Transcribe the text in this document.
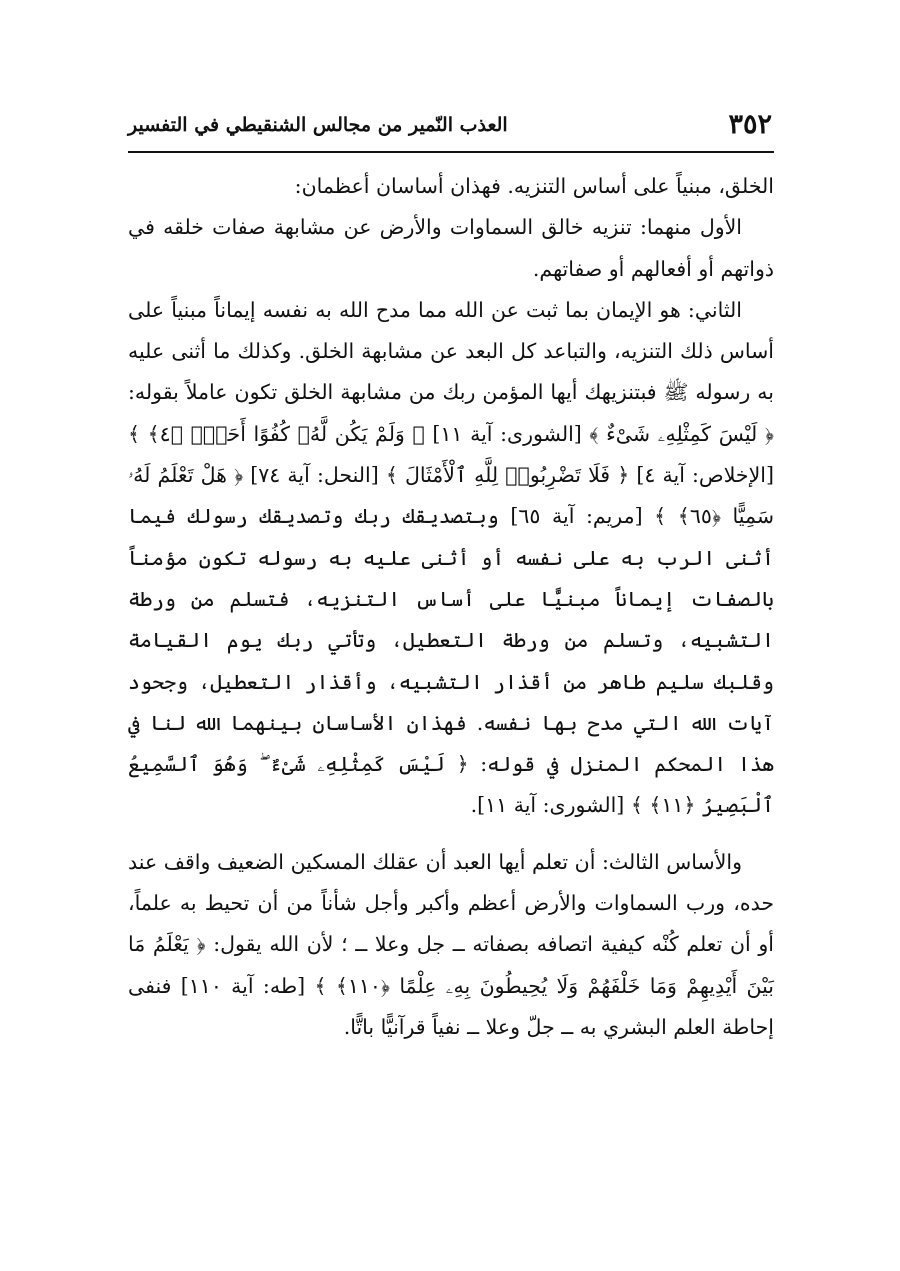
٣٥٢
العذب النّمير من مجالس الشنقيطي في التفسير

الخلق، مبنياً على أساس التنزيه. فهذان أساسان أعظمان:

الأول منهما: تنزيه خالق السماوات والأرض عن مشابهة صفات خلقه في ذواتهم أو أفعالهم أو صفاتهم.

الثاني: هو الإيمان بما ثبت عن الله مما مدح الله به نفسه إيماناً مبنياً على أساس ذلك التنزيه، والتباعد كل البعد عن مشابهة الخلق. وكذلك ما أثنى عليه به رسوله ﷺ فبتنزيهك أيها المؤمن ربك من مشابهة الخلق تكون عاملاً بقوله: ﴿ لَيْسَ كَمِثْلِهِۦ شَىْءٌ ﴾ [الشورى: آية ١١] ﴿ وَلَمْ يَكُن لَّهُۥ كُفُوًا أَحَدٌۢ ﴿٤﴾ ﴾ [الإخلاص: آية ٤] ﴿ فَلَا تَضْرِبُوا۟ لِلَّهِ ٱلْأَمْثَالَ ﴾ [النحل: آية ٧٤] ﴿ هَلْ تَعْلَمُ لَهُۥ سَمِيًّا ﴿٦٥﴾ ﴾ [مريم: آية ٦٥] وبتصديقك ربك وتصديقك رسولك فيما أثنى الرب به على نفسه أو أثنى عليه به رسوله تكون مؤمناً بالصفات إيماناً مبنيًّا على أساس التنزيه، فتسلم من ورطة التشبيه، وتسلم من ورطة التعطيل، وتأتي ربك يوم القيامة وقلبك سليم طاهر من أقذار التشبيه، وأقذار التعطيل، وجحود آيات الله التي مدح بها نفسه. فهذان الأساسان بينهما الله لنا في هذا المحكم المنزل في قوله: ﴿ لَيْسَ كَمِثْلِهِۦ شَىْءٌ ۖ وَهُوَ ٱلسَّمِيعُ ٱلْبَصِيرُ ﴿١١﴾ ﴾ [الشورى: آية ١١].

والأساس الثالث: أن تعلم أيها العبد أن عقلك المسكين الضعيف واقف عند حده، ورب السماوات والأرض أعظم وأكبر وأجل شأناً من أن تحيط به علماً، أو أن تعلم كُنْه كيفية اتصافه بصفاته ــ جل وعلا ــ ؛ لأن الله يقول: ﴿ يَعْلَمُ مَا بَيْنَ أَيْدِيهِمْ وَمَا خَلْفَهُمْ وَلَا يُحِيطُونَ بِهِۦ عِلْمًا ﴿١١٠﴾ ﴾ [طه: آية ١١٠] فنفى إحاطة العلم البشري به ــ جلّ وعلا ــ نفياً قرآنيًّا باتًّا.
